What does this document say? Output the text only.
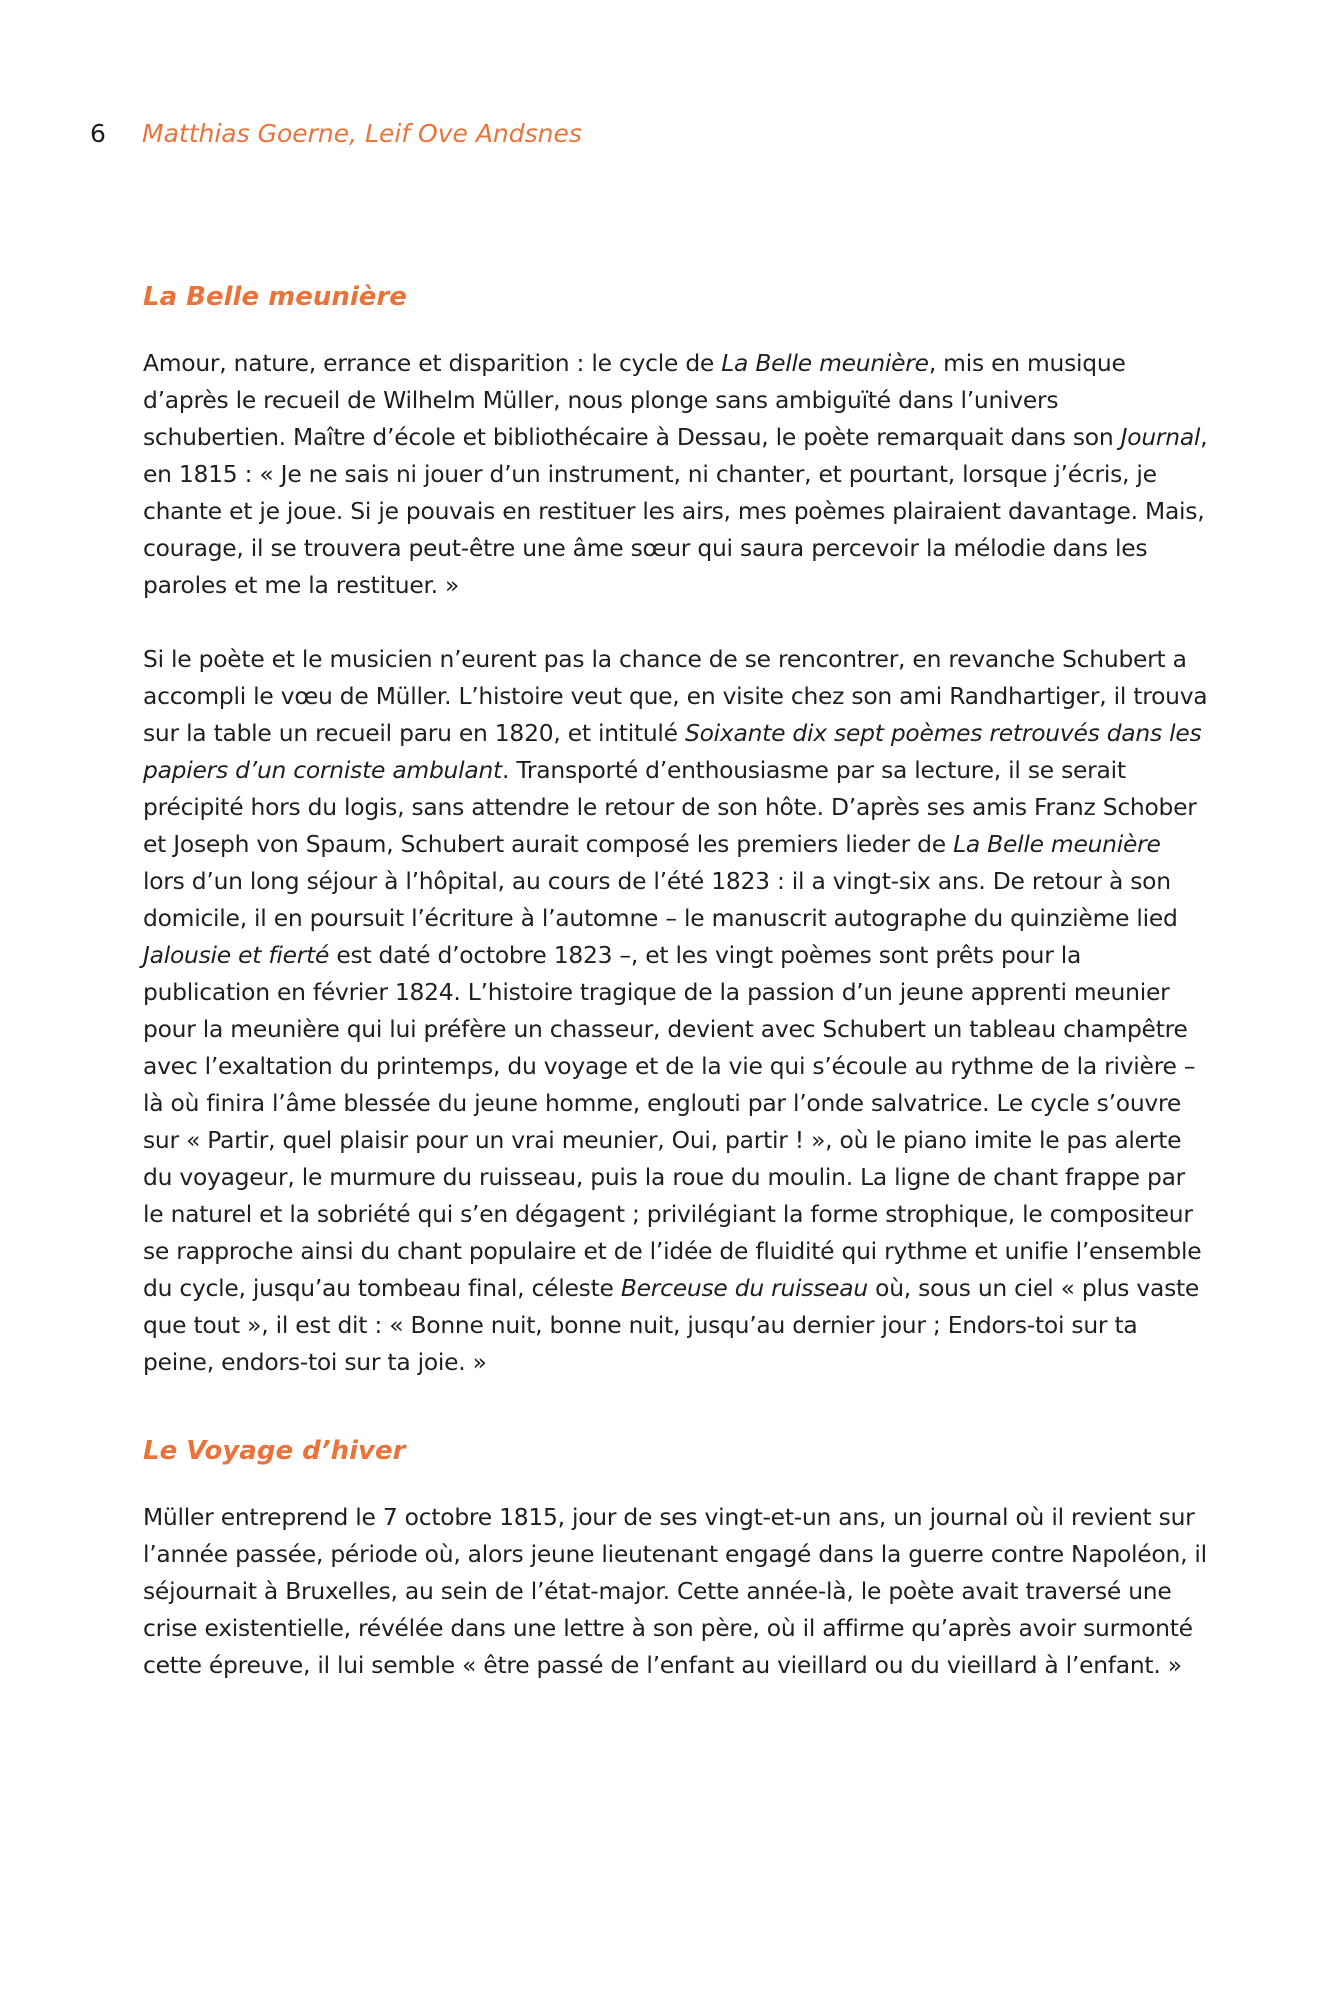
6 Matthias Goerne, Leif Ove Andsnes
La Belle meunière

Amour, nature, errance et disparition : le cycle de La Belle meunière, mis en musique d’après le recueil de Wilhelm Müller, nous plonge sans ambiguïté dans l’univers schubertien. Maître d’école et bibliothécaire à Dessau, le poète remarquait dans son Journal, en 1815 : « Je ne sais ni jouer d’un instrument, ni chanter, et pourtant, lorsque j’écris, je chante et je joue. Si je pouvais en restituer les airs, mes poèmes plairaient davantage. Mais, courage, il se trouvera peut-être une âme sœur qui saura percevoir la mélodie dans les paroles et me la restituer. »

Si le poète et le musicien n’eurent pas la chance de se rencontrer, en revanche Schubert a accompli le vœu de Müller. L’histoire veut que, en visite chez son ami Randhartiger, il trouva sur la table un recueil paru en 1820, et intitulé Soixante dix sept poèmes retrouvés dans les papiers d’un corniste ambulant. Transporté d’enthousiasme par sa lecture, il se serait précipité hors du logis, sans attendre le retour de son hôte. D’après ses amis Franz Schober et Joseph von Spaum, Schubert aurait composé les premiers lieder de La Belle meunière lors d’un long séjour à l’hôpital, au cours de l’été 1823 : il a vingt-six ans. De retour à son domicile, il en poursuit l’écriture à l’automne – le manuscrit autographe du quinzième lied Jalousie et fierté est daté d’octobre 1823 –, et les vingt poèmes sont prêts pour la publication en février 1824. L’histoire tragique de la passion d’un jeune apprenti meunier pour la meunière qui lui préfère un chasseur, devient avec Schubert un tableau champêtre avec l’exaltation du printemps, du voyage et de la vie qui s’écoule au rythme de la rivière – là où finira l’âme blessée du jeune homme, englouti par l’onde salvatrice. Le cycle s’ouvre sur « Partir, quel plaisir pour un vrai meunier, Oui, partir ! », où le piano imite le pas alerte du voyageur, le murmure du ruisseau, puis la roue du moulin. La ligne de chant frappe par le naturel et la sobriété qui s’en dégagent ; privilégiant la forme strophique, le compositeur se rapproche ainsi du chant populaire et de l’idée de fluidité qui rythme et unifie l’ensemble du cycle, jusqu’au tombeau final, céleste Berceuse du ruisseau où, sous un ciel « plus vaste que tout », il est dit : « Bonne nuit, bonne nuit, jusqu’au dernier jour ; Endors-toi sur ta peine, endors-toi sur ta joie. »

Le Voyage d’hiver

Müller entreprend le 7 octobre 1815, jour de ses vingt-et-un ans, un journal où il revient sur l’année passée, période où, alors jeune lieutenant engagé dans la guerre contre Napoléon, il séjournait à Bruxelles, au sein de l’état-major. Cette année-là, le poète avait traversé une crise existentielle, révélée dans une lettre à son père, où il affirme qu’après avoir surmonté cette épreuve, il lui semble « être passé de l’enfant au vieillard ou du vieillard à l’enfant. »
